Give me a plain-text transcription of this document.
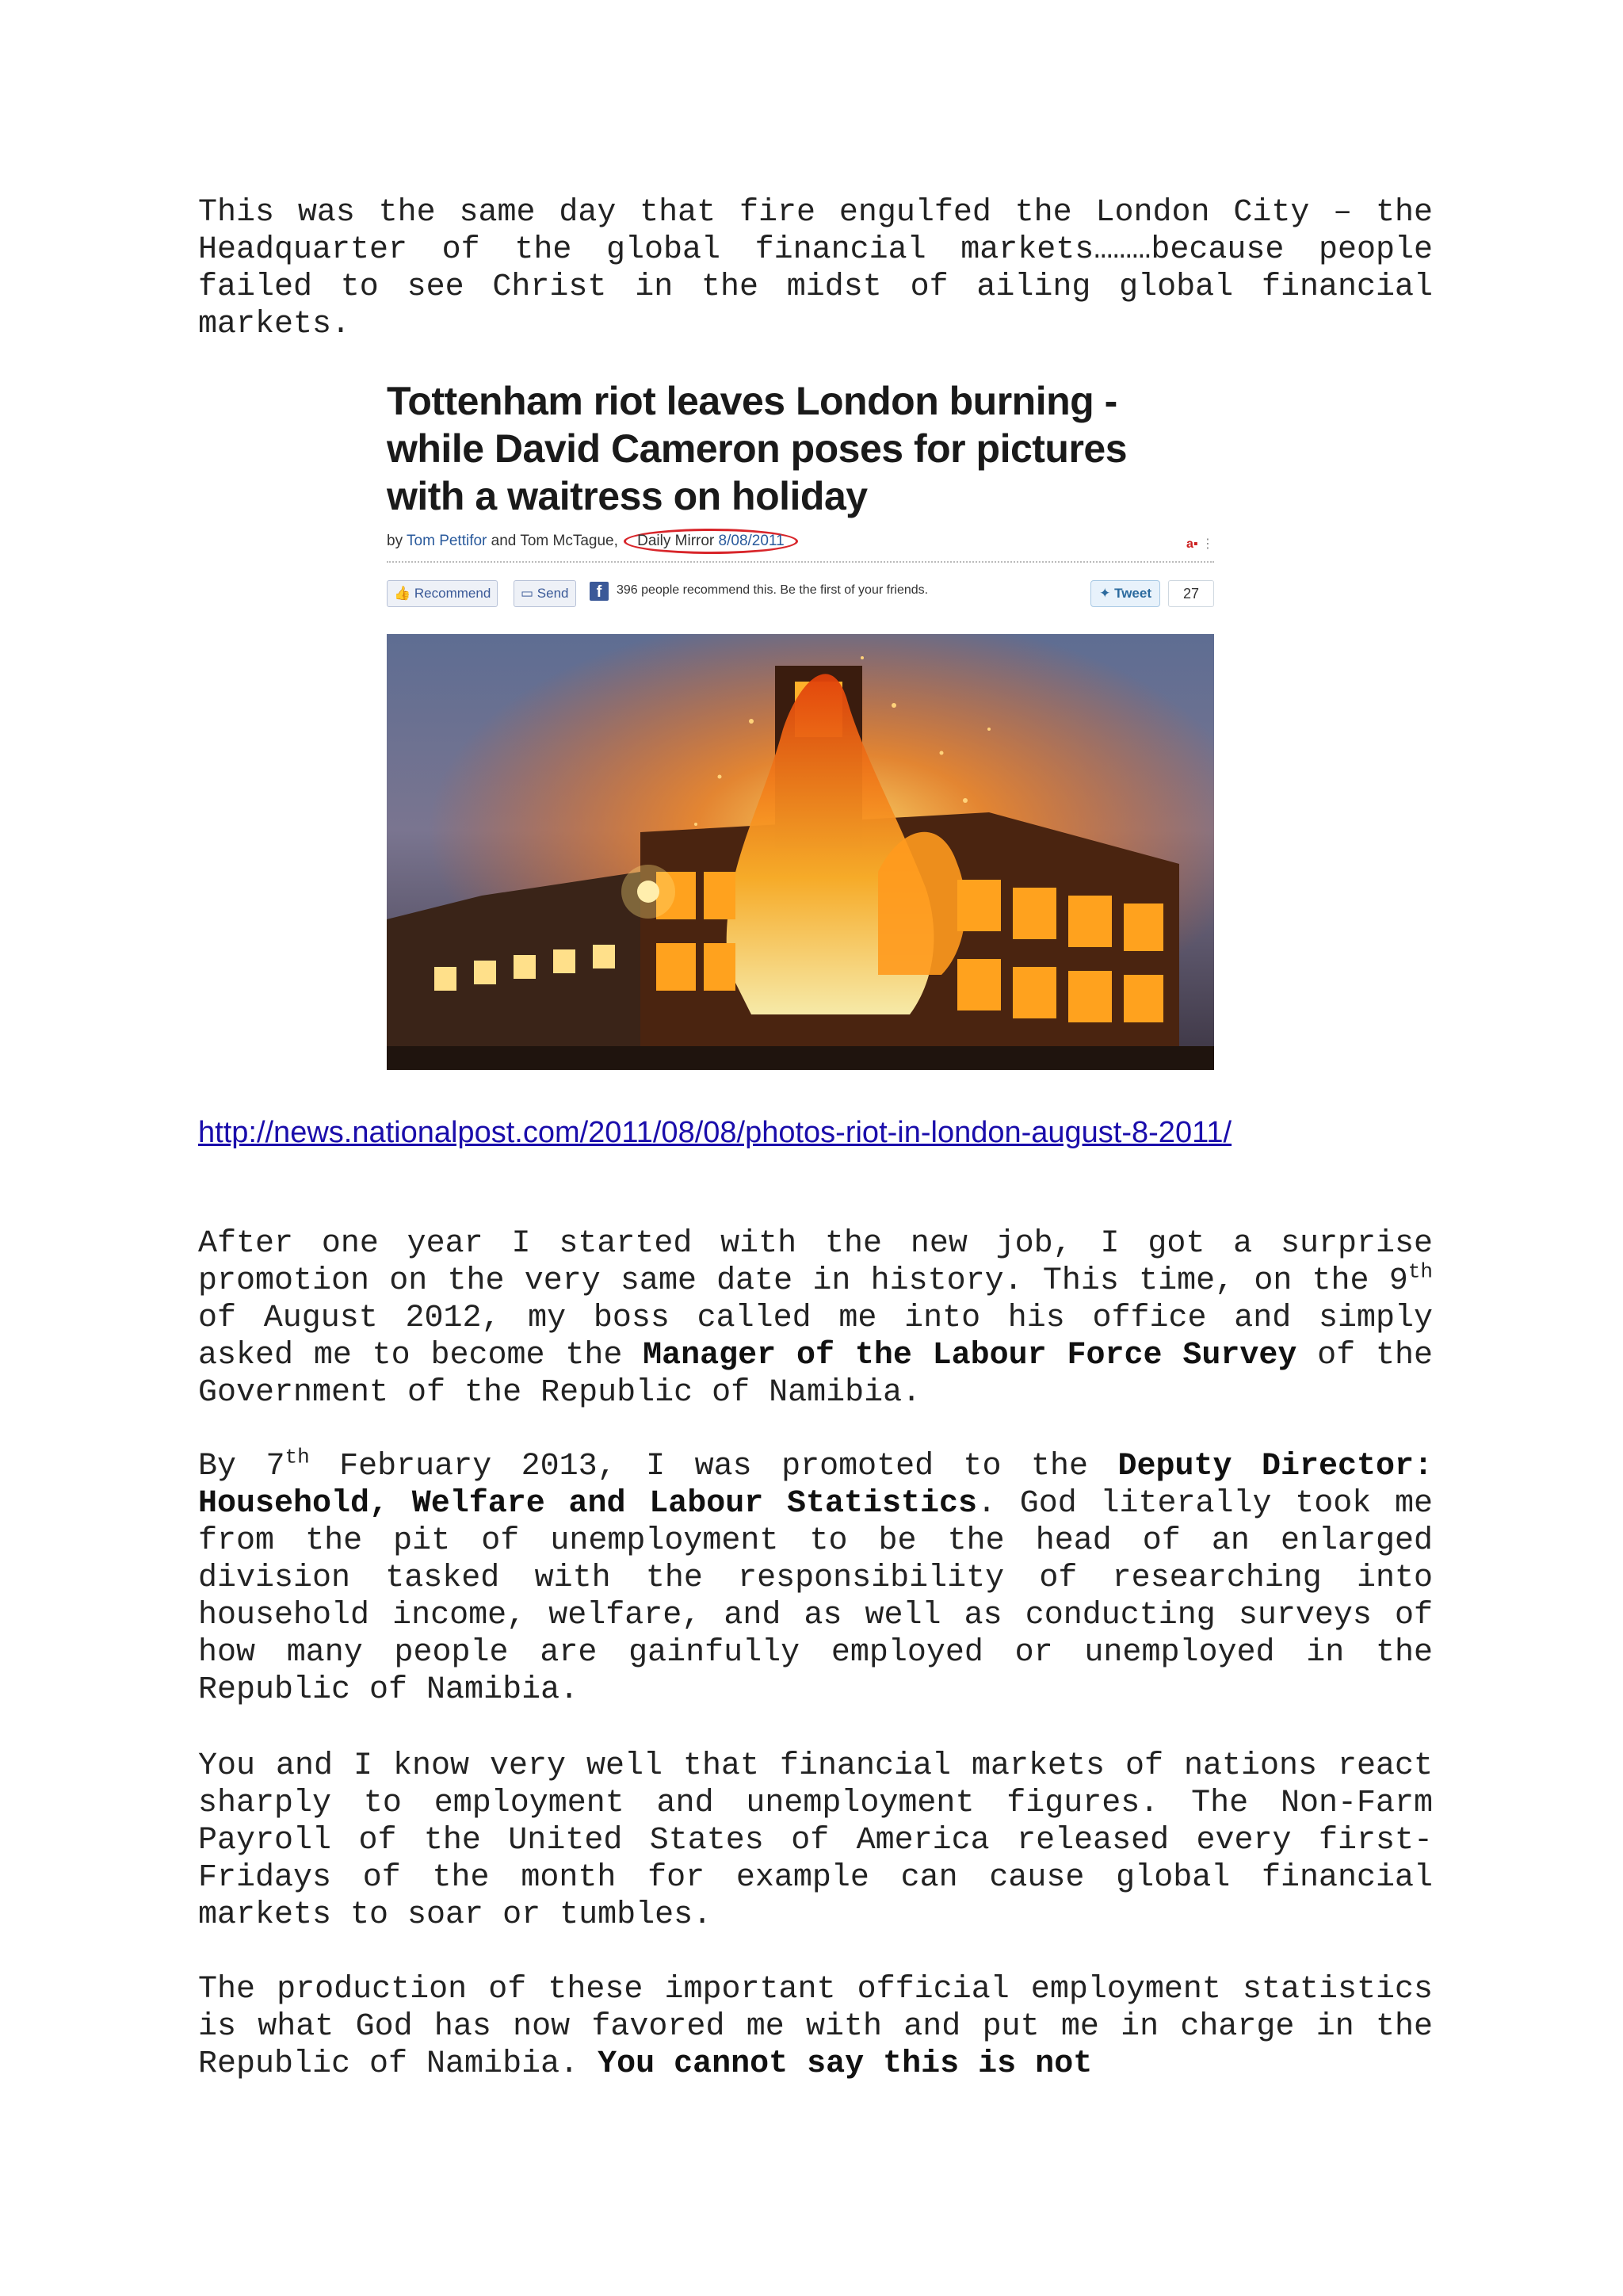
This was the same day that fire engulfed the London City – the Headquarter of the global financial markets………because people failed to see Christ in the midst of ailing global financial markets.

Tottenham riot leaves London burning -
while David Cameron poses for pictures
with a waitress on holiday
by Tom Pettifor and Tom McTague, Daily Mirror 8/08/2011	a▪ ⋮
👍 Recommend	▭ Send	f	396 people recommend this. Be the first of your friends.	✦ Tweet	27
http://news.nationalpost.com/2011/08/08/photos-riot-in-london-august-8-2011/

After one year I started with the new job, I got a surprise promotion on the very same date in history. This time, on the 9th of August 2012, my boss called me into his office and simply asked me to become the Manager of the Labour Force Survey of the Government of the Republic of Namibia.

By 7th February 2013, I was promoted to the Deputy Director: Household, Welfare and Labour Statistics. God literally took me from the pit of unemployment to be the head of an enlarged division tasked with the responsibility of researching into household income, welfare, and as well as conducting surveys of how many people are gainfully employed or unemployed in the Republic of Namibia.

You and I know very well that financial markets of nations react sharply to employment and unemployment figures. The Non-Farm Payroll of the United States of America released every first-Fridays of the month for example can cause global financial markets to soar or tumbles.

The production of these important official employment statistics is what God has now favored me with and put me in charge in the Republic of Namibia. You cannot say this is not
